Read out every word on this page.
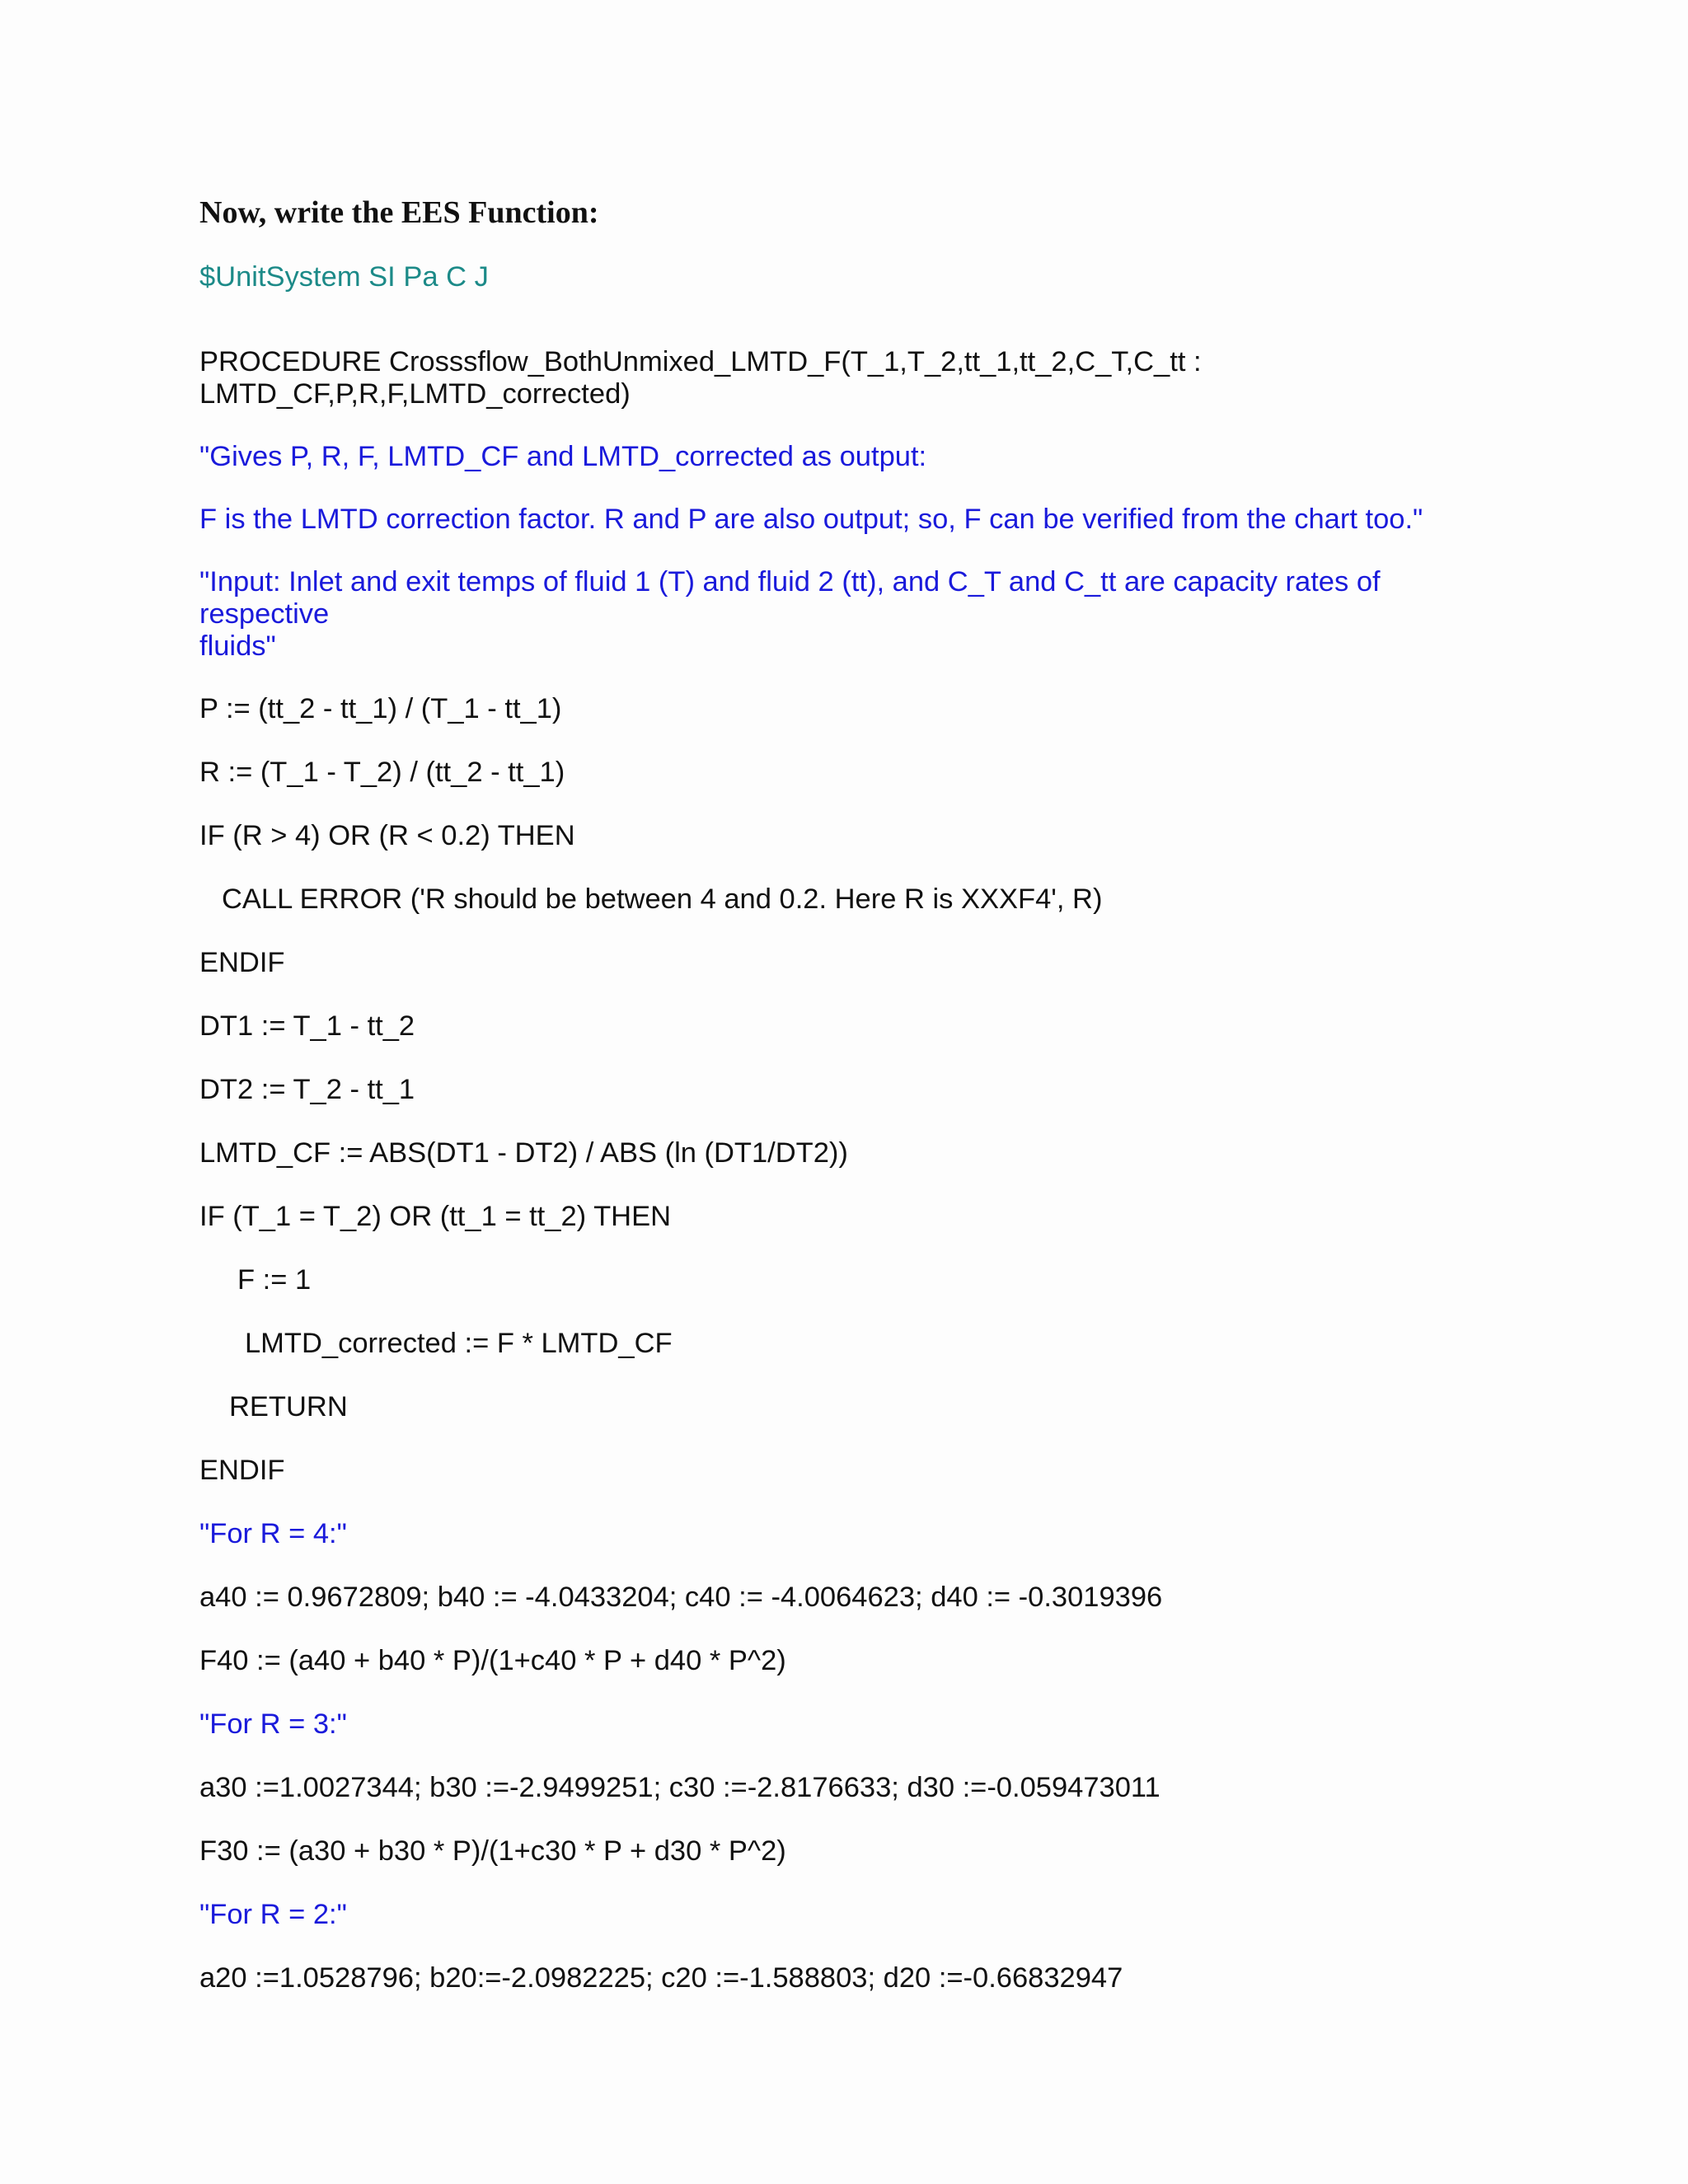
Now, write the EES Function:

$UnitSystem SI Pa C J

PROCEDURE Crosssflow_BothUnmixed_LMTD_F(T_1,T_2,tt_1,tt_2,C_T,C_tt :

LMTD_CF,P,R,F,LMTD_corrected)

"Gives P, R, F, LMTD_CF and LMTD_corrected as output:

F is the LMTD correction factor. R and P are also output; so, F can be verified from the chart too."

"Input: Inlet and exit temps of fluid 1 (T) and fluid 2 (tt), and C_T and C_tt are capacity rates of respective

fluids"

P := (tt_2 - tt_1) / (T_1 - tt_1)

R := (T_1 - T_2) / (tt_2 - tt_1)

IF (R > 4) OR (R < 0.2) THEN

CALL ERROR ('R should be between 4 and 0.2. Here R is XXXF4', R)

ENDIF

DT1 := T_1 - tt_2

DT2 := T_2 - tt_1

LMTD_CF := ABS(DT1 - DT2) / ABS (ln (DT1/DT2))

IF (T_1 = T_2) OR (tt_1 = tt_2) THEN

F := 1

LMTD_corrected := F * LMTD_CF

RETURN

ENDIF

"For R = 4:"

a40 := 0.9672809; b40 := -4.0433204; c40 := -4.0064623; d40 := -0.3019396

F40 := (a40 + b40 * P)/(1+c40 * P + d40 * P^2)

"For R = 3:"

a30 :=1.0027344; b30 :=-2.9499251; c30 :=-2.8176633; d30 :=-0.059473011

F30 := (a30 + b30 * P)/(1+c30 * P + d30 * P^2)

"For R = 2:"

a20 :=1.0528796; b20:=-2.0982225; c20 :=-1.588803; d20 :=-0.66832947
